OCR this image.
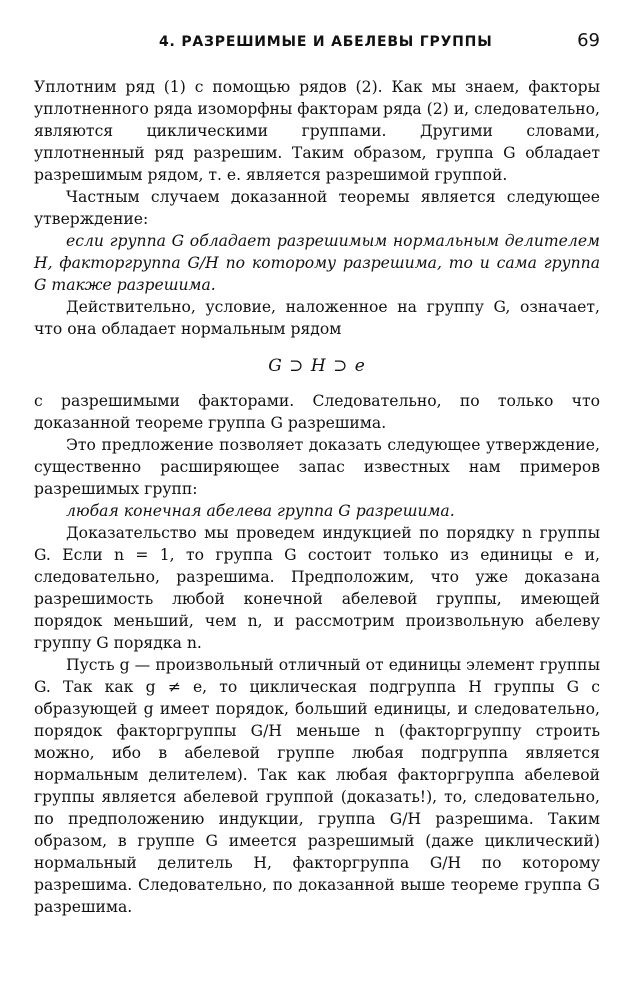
4. РАЗРЕШИМЫЕ И АБЕЛЕВЫ ГРУППЫ	69

Уплотним ряд (1) с помощью рядов (2). Как мы знаем, факторы уплотненного ряда изоморфны факторам ряда (2) и, следовательно, являются циклическими группами. Другими словами, уплотненный ряд разрешим. Таким образом, группа G обладает разрешимым рядом, т. е. является разрешимой группой.

Частным случаем доказанной теоремы является следующее утверждение:

если группа G обладает разрешимым нормальным делителем H, факторгруппа G/H по которому разрешима, то и сама группа G также разрешима.

Действительно, условие, наложенное на группу G, означает, что она обладает нормальным рядом

G ⊃ H ⊃ e

с разрешимыми факторами. Следовательно, по только что доказанной теореме группа G разрешима.

Это предложение позволяет доказать следующее утверждение, существенно расширяющее запас известных нам примеров разрешимых групп:

любая конечная абелева группа G разрешима.

Доказательство мы проведем индукцией по порядку n группы G. Если n = 1, то группа G состоит только из единицы e и, следовательно, разрешима. Предположим, что уже доказана разрешимость любой конечной абелевой группы, имеющей порядок меньший, чем n, и рассмотрим произвольную абелеву группу G порядка n.

Пусть g — произвольный отличный от единицы элемент группы G. Так как g ≠ e, то циклическая подгруппа H группы G с образующей g имеет порядок, больший единицы, и следовательно, порядок факторгруппы G/H меньше n (факторгруппу строить можно, ибо в абелевой группе любая подгруппа является нормальным делителем). Так как любая факторгруппа абелевой группы является абелевой группой (доказать!), то, следовательно, по предположению индукции, группа G/H разрешима. Таким образом, в группе G имеется разрешимый (даже циклический) нормальный делитель H, факторгруппа G/H по которому разрешима. Следовательно, по доказанной выше теореме группа G разрешима.
